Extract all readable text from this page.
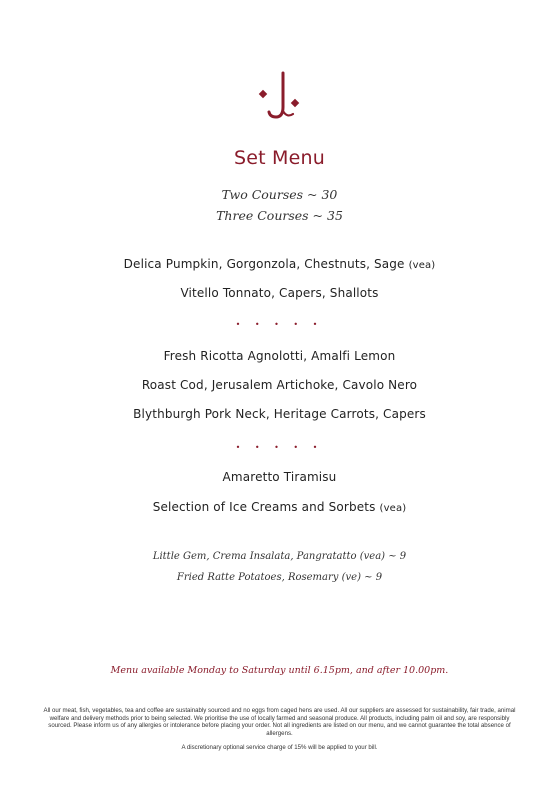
Set Menu
Two Courses ~ 30
Three Courses ~ 35
Delica Pumpkin, Gorgonzola, Chestnuts, Sage (vea)
Vitello Tonnato, Capers, Shallots
• • • • •
Fresh Ricotta Agnolotti, Amalfi Lemon
Roast Cod, Jerusalem Artichoke, Cavolo Nero
Blythburgh Pork Neck, Heritage Carrots, Capers
• • • • •
Amaretto Tiramisu
Selection of Ice Creams and Sorbets (vea)
Little Gem, Crema Insalata, Pangratatto (vea) ~ 9
Fried Ratte Potatoes, Rosemary (ve) ~ 9
Menu available Monday to Saturday until 6.15pm, and after 10.00pm.
All our meat, fish, vegetables, tea and coffee are sustainably sourced and no eggs from caged hens are used. All our suppliers are assessed for sustainability, fair trade, animal welfare and delivery methods prior to being selected. We prioritise the use of locally farmed and seasonal produce. All products, including palm oil and soy, are responsibly sourced. Please inform us of any allergies or intolerance before placing your order. Not all ingredients are listed on our menu, and we cannot guarantee the total absence of allergens.
A discretionary optional service charge of 15% will be applied to your bill.
